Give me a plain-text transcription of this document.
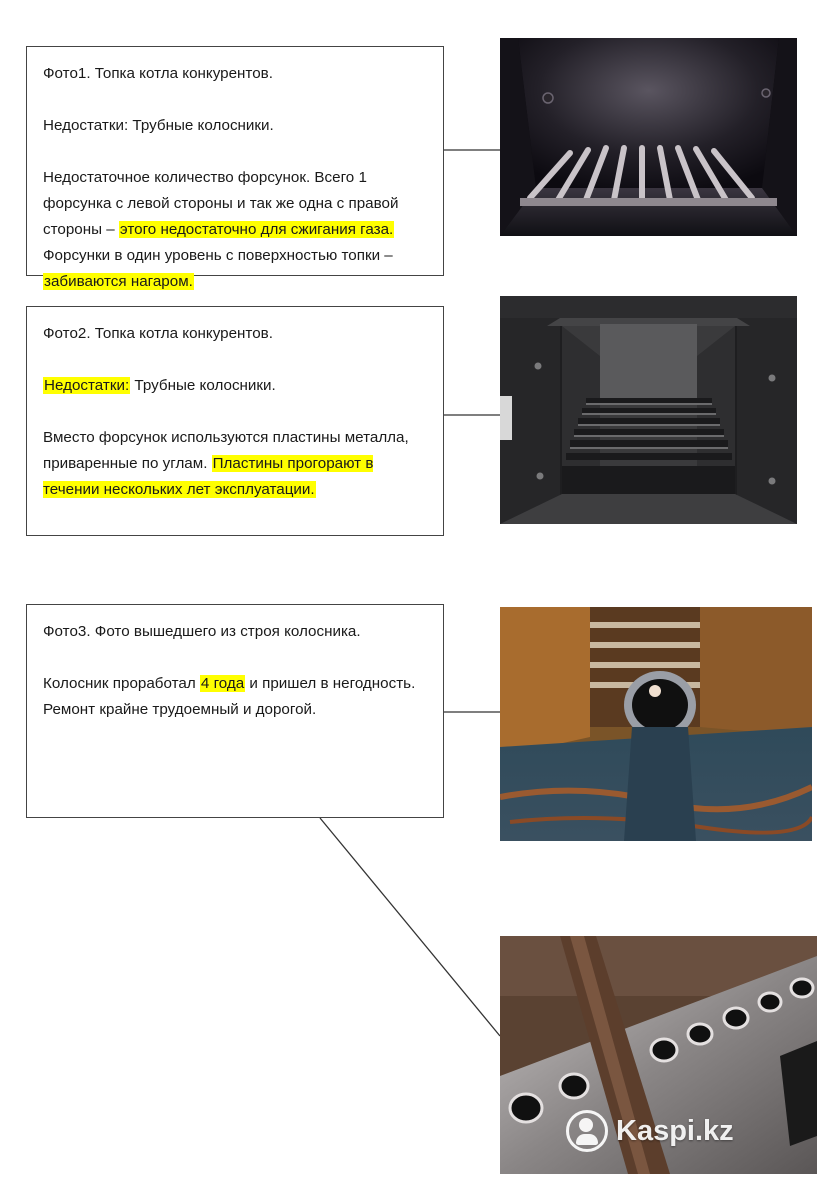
Фото1. Топка котла конкурентов.

Недостатки: Трубные колосники.

Недостаточное количество форсунок. Всего 1 форсунка с левой стороны и так же одна с правой стороны – этого недостаточно для сжигания газа. Форсунки в один уровень с поверхностью топки – забиваются нагаром.

Фото2. Топка котла конкурентов.

Недостатки: Трубные колосники.

Вместо форсунок используются пластины металла, приваренные по углам. Пластины прогорают в течении нескольких лет эксплуатации.

Фото3. Фото вышедшего из строя колосника.

Колосник проработал 4 года и пришел в негодность. Ремонт крайне трудоемный и дорогой.

Kaspi.kz
